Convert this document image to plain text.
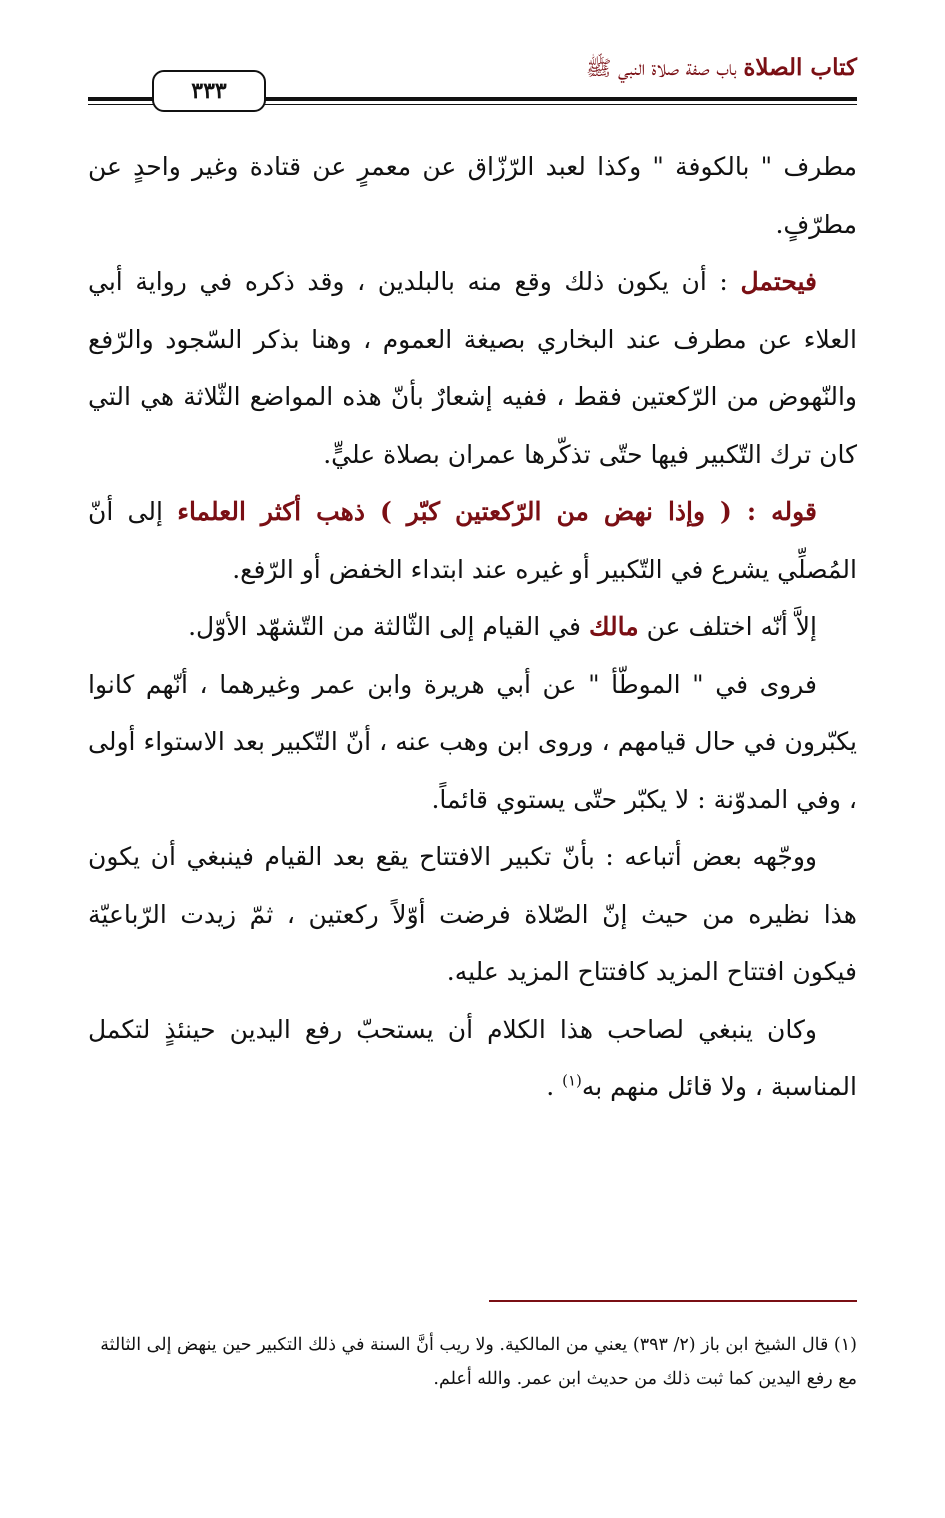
كتاب الصلاة باب صفة صلاة النبي ﷺ
٣٣٣

مطرف " بالكوفة " وكذا لعبد الرّزّاق عن معمرٍ عن قتادة وغير واحدٍ عن مطرّفٍ.

فيحتمل : أن يكون ذلك وقع منه بالبلدين ، وقد ذكره في رواية أبي العلاء عن مطرف عند البخاري بصيغة العموم ، وهنا بذكر السّجود والرّفع والنّهوض من الرّكعتين فقط ، ففيه إشعارٌ بأنّ هذه المواضع الثّلاثة هي التي كان ترك التّكبير فيها حتّى تذكّرها عمران بصلاة عليٍّ.

قوله : ( وإذا نهض من الرّكعتين كبّر ) ذهب أكثر العلماء إلى أنّ المُصلِّي يشرع في التّكبير أو غيره عند ابتداء الخفض أو الرّفع.

إلاَّ أنّه اختلف عن مالك في القيام إلى الثّالثة من التّشهّد الأوّل.

فروى في " الموطّأ " عن أبي هريرة وابن عمر وغيرهما ، أنّهم كانوا يكبّرون في حال قيامهم ، وروى ابن وهب عنه ، أنّ التّكبير بعد الاستواء أولى ، وفي المدوّنة : لا يكبّر حتّى يستوي قائماً.

ووجّهه بعض أتباعه : بأنّ تكبير الافتتاح يقع بعد القيام فينبغي أن يكون هذا نظيره من حيث إنّ الصّلاة فرضت أوّلاً ركعتين ، ثمّ زيدت الرّباعيّة فيكون افتتاح المزيد كافتتاح المزيد عليه.

وكان ينبغي لصاحب هذا الكلام أن يستحبّ رفع اليدين حينئذٍ لتكمل المناسبة ، ولا قائل منهم به$^{(١)}$ .

(١) قال الشيخ ابن باز (٢/ ٣٩٣) يعني من المالكية. ولا ريب أنَّ السنة في ذلك التكبير حين ينهض إلى الثالثة مع رفع اليدين كما ثبت ذلك من حديث ابن عمر. والله أعلم.
